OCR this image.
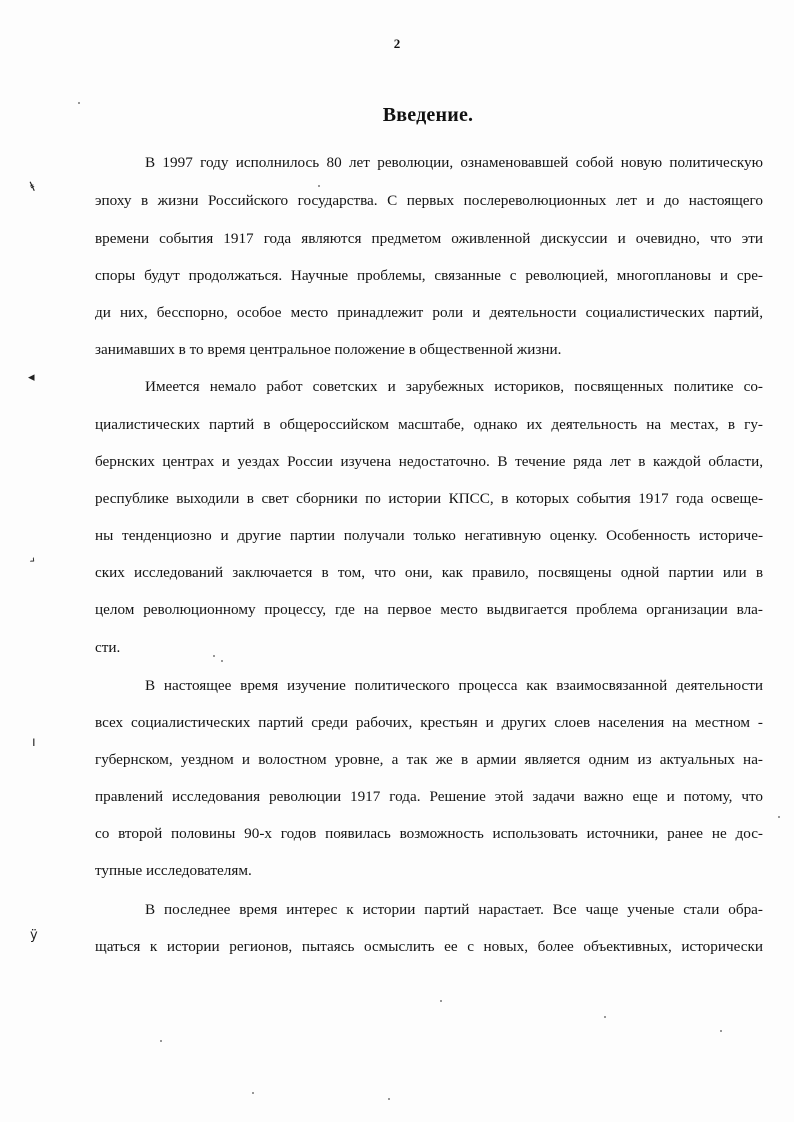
2
Введение.
В 1997 году исполнилось 80 лет революции, ознаменовавшей собой новую политическую
эпоху в жизни Российского государства. С первых послереволюционных лет и до настоящего
времени события 1917 года являются предметом оживленной дискуссии и очевидно, что эти
споры будут продолжаться. Научные проблемы, связанные с революцией, многоплановы и сре-
ди них, бесспорно, особое место принадлежит роли и деятельности социалистических партий,
занимавших в то время центральное положение в общественной жизни.
Имеется немало работ советских и зарубежных историков, посвященных политике со-
циалистических партий в общероссийском масштабе, однако их деятельность на местах, в гу-
бернских центрах и уездах России изучена недостаточно. В течение ряда лет в каждой области,
республике выходили в свет сборники по истории КПСС, в которых события 1917 года освеще-
ны тенденциозно и другие партии получали только негативную оценку. Особенность историче-
ских исследований заключается в том, что они, как правило, посвящены одной партии или в
целом революционному процессу, где на первое место выдвигается проблема организации вла-
сти.
В настоящее время изучение политического процесса как взаимосвязанной деятельности
всех социалистических партий среди рабочих, крестьян и других слоев населения на местном -
губернском, уездном и волостном уровне, а так же в армии является одним из актуальных на-
правлений исследования революции 1917 года. Решение этой задачи важно еще и потому, что
со второй половины 90-х годов появилась возможность использовать источники, ранее не дос-
тупные исследователям.
В последнее время интерес к истории партий нарастает. Все чаще ученые стали обра-
щаться к истории регионов, пытаясь осмыслить ее с новых, более объективных, исторически
ⱡ
◂
›
ı
ÿ
